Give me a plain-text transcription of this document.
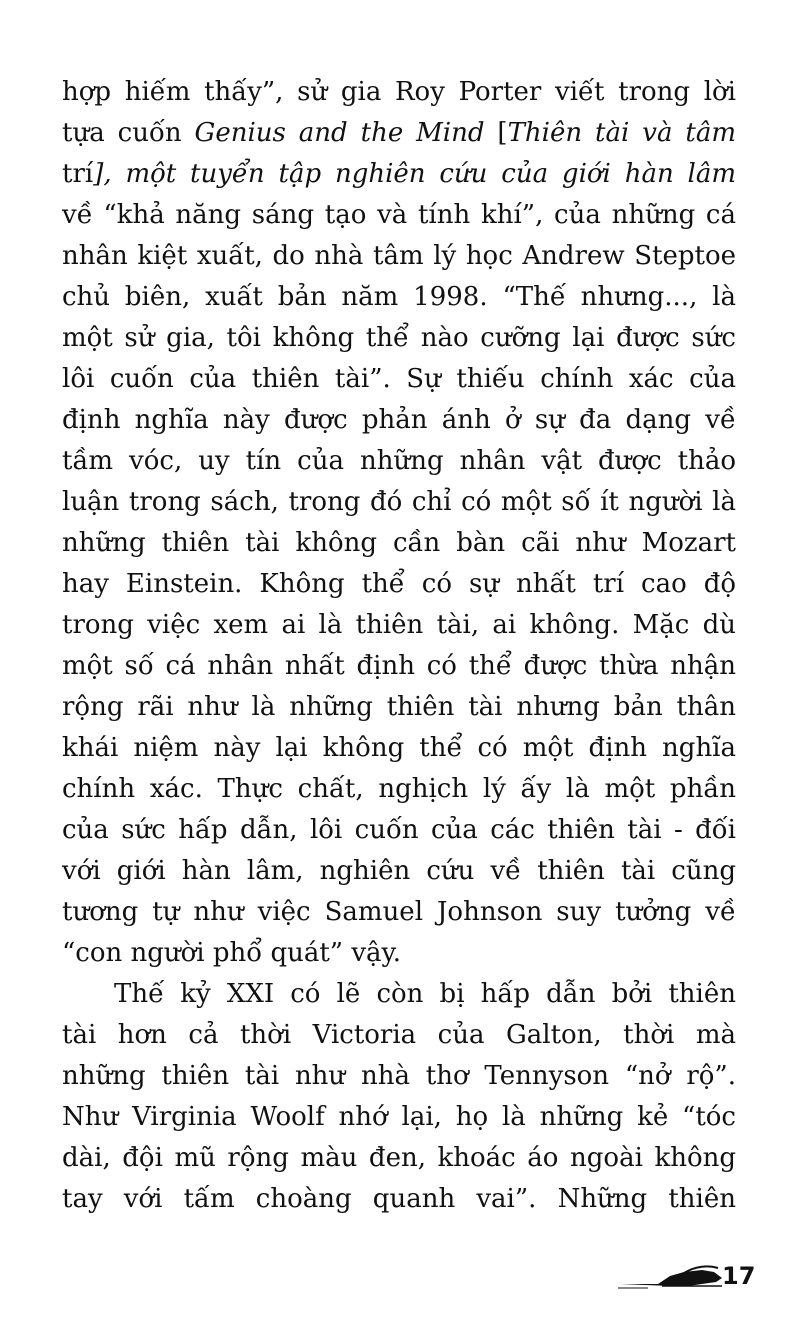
hợp hiếm thấy”, sử gia Roy Porter viết trong lời
tựa cuốn Genius and the Mind [Thiên tài và tâm
trí], một tuyển tập nghiên cứu của giới hàn lâm
về “khả năng sáng tạo và tính khí”, của những cá
nhân kiệt xuất, do nhà tâm lý học Andrew Steptoe
chủ biên, xuất bản năm 1998. “Thế nhưng..., là
một sử gia, tôi không thể nào cưỡng lại được sức
lôi cuốn của thiên tài”. Sự thiếu chính xác của
định nghĩa này được phản ánh ở sự đa dạng về
tầm vóc, uy tín của những nhân vật được thảo
luận trong sách, trong đó chỉ có một số ít người là
những thiên tài không cần bàn cãi như Mozart
hay Einstein. Không thể có sự nhất trí cao độ
trong việc xem ai là thiên tài, ai không. Mặc dù
một số cá nhân nhất định có thể được thừa nhận
rộng rãi như là những thiên tài nhưng bản thân
khái niệm này lại không thể có một định nghĩa
chính xác. Thực chất, nghịch lý ấy là một phần
của sức hấp dẫn, lôi cuốn của các thiên tài - đối
với giới hàn lâm, nghiên cứu về thiên tài cũng
tương tự như việc Samuel Johnson suy tưởng về
“con người phổ quát” vậy.
Thế kỷ XXI có lẽ còn bị hấp dẫn bởi thiên
tài hơn cả thời Victoria của Galton, thời mà
những thiên tài như nhà thơ Tennyson “nở rộ”.
Như Virginia Woolf nhớ lại, họ là những kẻ “tóc
dài, đội mũ rộng màu đen, khoác áo ngoài không
tay với tấm choàng quanh vai”. Những thiên
17
